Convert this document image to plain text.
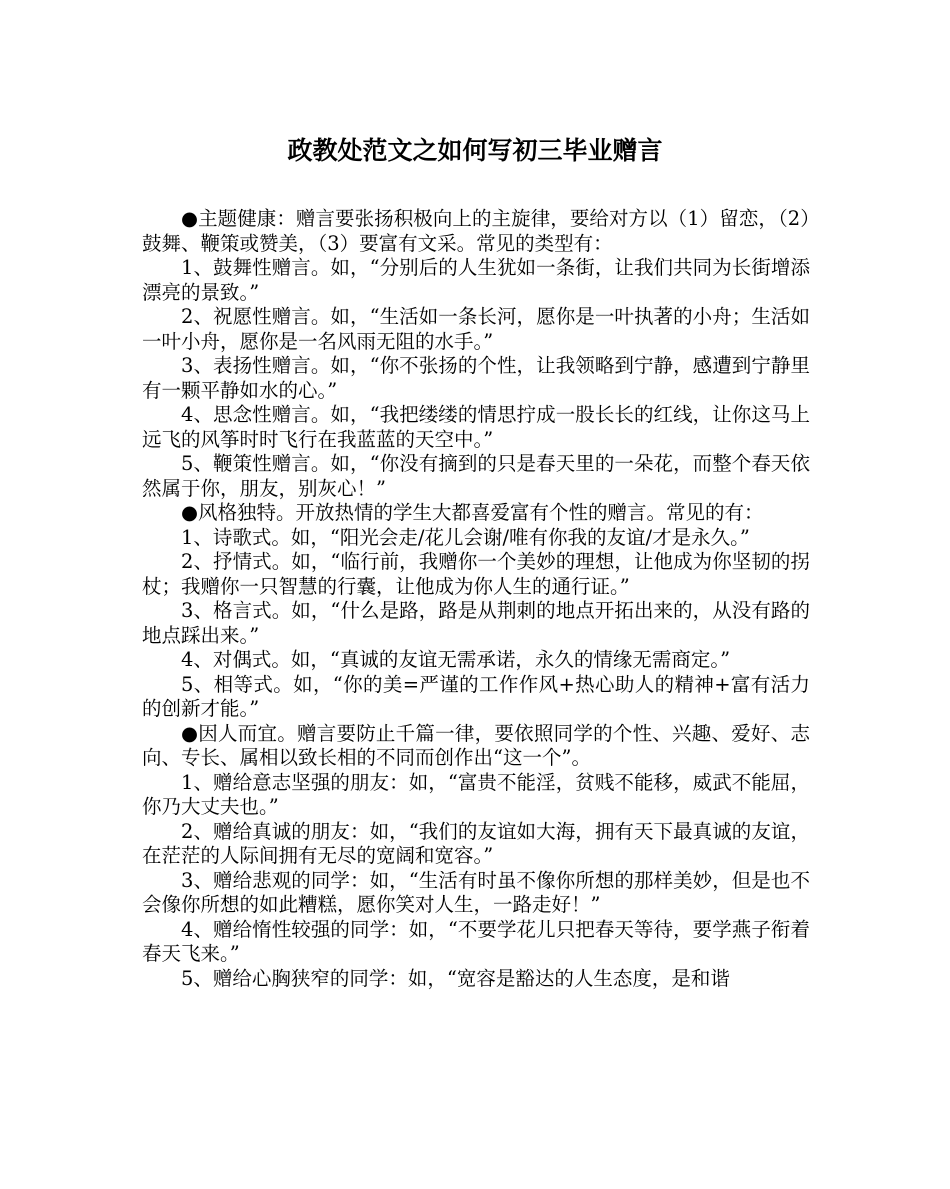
政教处范文之如何写初三毕业赠言

●主题健康：赠言要张扬积极向上的主旋律，要给对方以（1）留恋，（2）鼓舞、鞭策或赞美，（3）要富有文采。常见的类型有：

1、鼓舞性赠言。如，“分别后的人生犹如一条街，让我们共同为长街增添漂亮的景致。”

2、祝愿性赠言。如，“生活如一条长河，愿你是一叶执著的小舟；生活如一叶小舟，愿你是一名风雨无阻的水手。”

3、表扬性赠言。如，“你不张扬的个性，让我领略到宁静，感遭到宁静里有一颗平静如水的心。”

4、思念性赠言。如，“我把缕缕的情思拧成一股长长的红线，让你这马上远飞的风筝时时飞行在我蓝蓝的天空中。”

5、鞭策性赠言。如，“你没有摘到的只是春天里的一朵花，而整个春天依然属于你，朋友，别灰心！”

●风格独特。开放热情的学生大都喜爱富有个性的赠言。常见的有：

1、诗歌式。如，“阳光会走/花儿会谢/唯有你我的友谊/才是永久。”

2、抒情式。如，“临行前，我赠你一个美妙的理想，让他成为你坚韧的拐杖；我赠你一只智慧的行囊，让他成为你人生的通行证。”

3、格言式。如，“什么是路，路是从荆刺的地点开拓出来的，从没有路的地点踩出来。”

4、对偶式。如，“真诚的友谊无需承诺，永久的情缘无需商定。”

5、相等式。如，“你的美=严谨的工作作风+热心助人的精神+富有活力的创新才能。”

●因人而宜。赠言要防止千篇一律，要依照同学的个性、兴趣、爱好、志向、专长、属相以致长相的不同而创作出“这一个”。

1、赠给意志坚强的朋友：如，“富贵不能淫，贫贱不能移，威武不能屈，你乃大丈夫也。”

2、赠给真诚的朋友：如，“我们的友谊如大海，拥有天下最真诚的友谊，在茫茫的人际间拥有无尽的宽阔和宽容。”

3、赠给悲观的同学：如，“生活有时虽不像你所想的那样美妙，但是也不会像你所想的如此糟糕，愿你笑对人生，一路走好！”

4、赠给惰性较强的同学：如，“不要学花儿只把春天等待，要学燕子衔着春天飞来。”

5、赠给心胸狭窄的同学：如，“宽容是豁达的人生态度，是和谐
